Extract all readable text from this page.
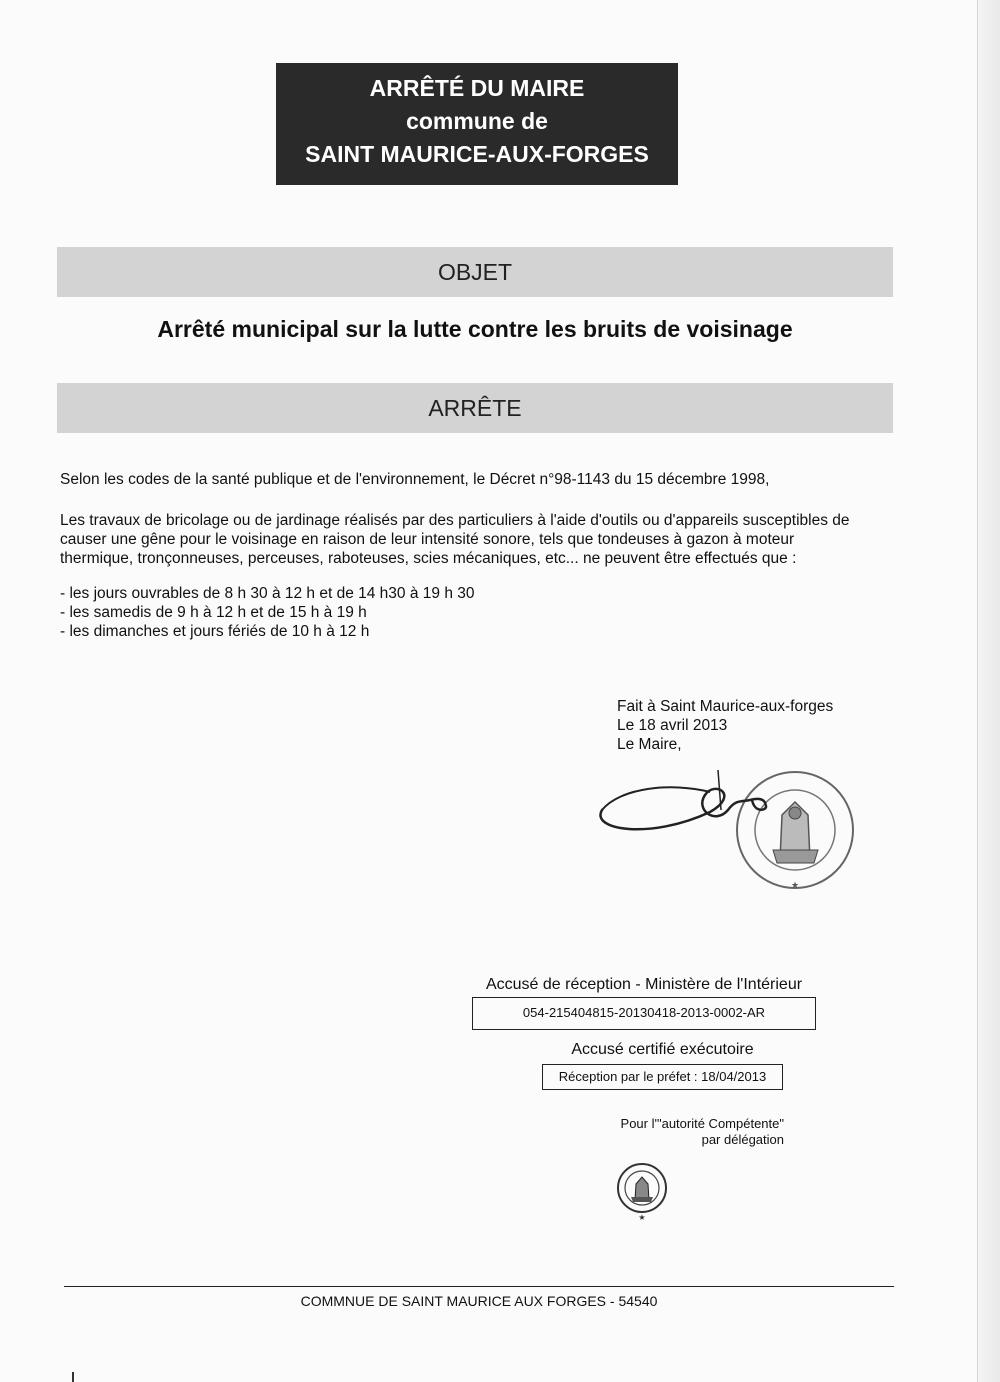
ARRÊTÉ DU MAIRE
commune de
SAINT MAURICE-AUX-FORGES
OBJET
Arrêté municipal sur la lutte contre les bruits de voisinage
ARRÊTE
Selon les codes de la santé publique et de l'environnement, le Décret n°98-1143 du 15 décembre 1998,
Les travaux de bricolage ou de jardinage réalisés par des particuliers à l'aide d'outils ou d'appareils susceptibles de
causer une gêne pour le voisinage en raison de leur intensité sonore, tels que tondeuses à gazon à moteur
thermique, tronçonneuses, perceuses, raboteuses, scies mécaniques, etc... ne peuvent être effectués que :
- les jours ouvrables de 8 h 30 à 12 h et de 14 h30 à 19 h 30
- les samedis de 9 h à 12 h et de 15 h à 19 h
- les dimanches et jours fériés de 10 h à 12 h
Fait à Saint Maurice-aux-forges
Le 18 avril 2013
Le Maire,
★
Accusé de réception - Ministère de l'Intérieur
054-215404815-20130418-2013-0002-AR
Accusé certifié exécutoire
Réception par le préfet : 18/04/2013
Pour l'"autorité Compétente"
par délégation
★
COMMNUE DE SAINT MAURICE AUX FORGES - 54540
